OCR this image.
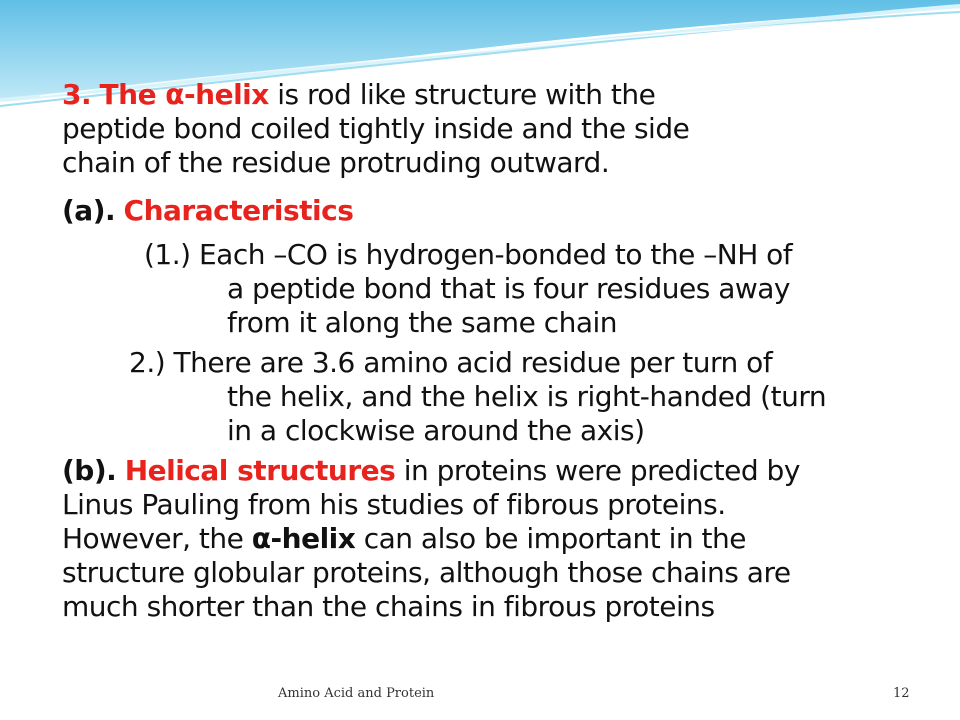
3. The α-helix is rod like structure with the
peptide bond coiled tightly inside and the side
chain of the residue protruding outward.
(a). Characteristics
(1.) Each –CO is hydrogen-bonded to the –NH of
a peptide bond that is four residues away
from it along the same chain
2.) There are 3.6 amino acid residue per turn of
the helix, and the helix is right-handed (turn
in a clockwise around the axis)
(b). Helical structures in proteins were predicted by
Linus Pauling from his studies of fibrous proteins.
However, the α-helix can also be important in the
structure globular proteins, although those chains are
much shorter than the chains in fibrous proteins
Amino Acid and Protein	12
